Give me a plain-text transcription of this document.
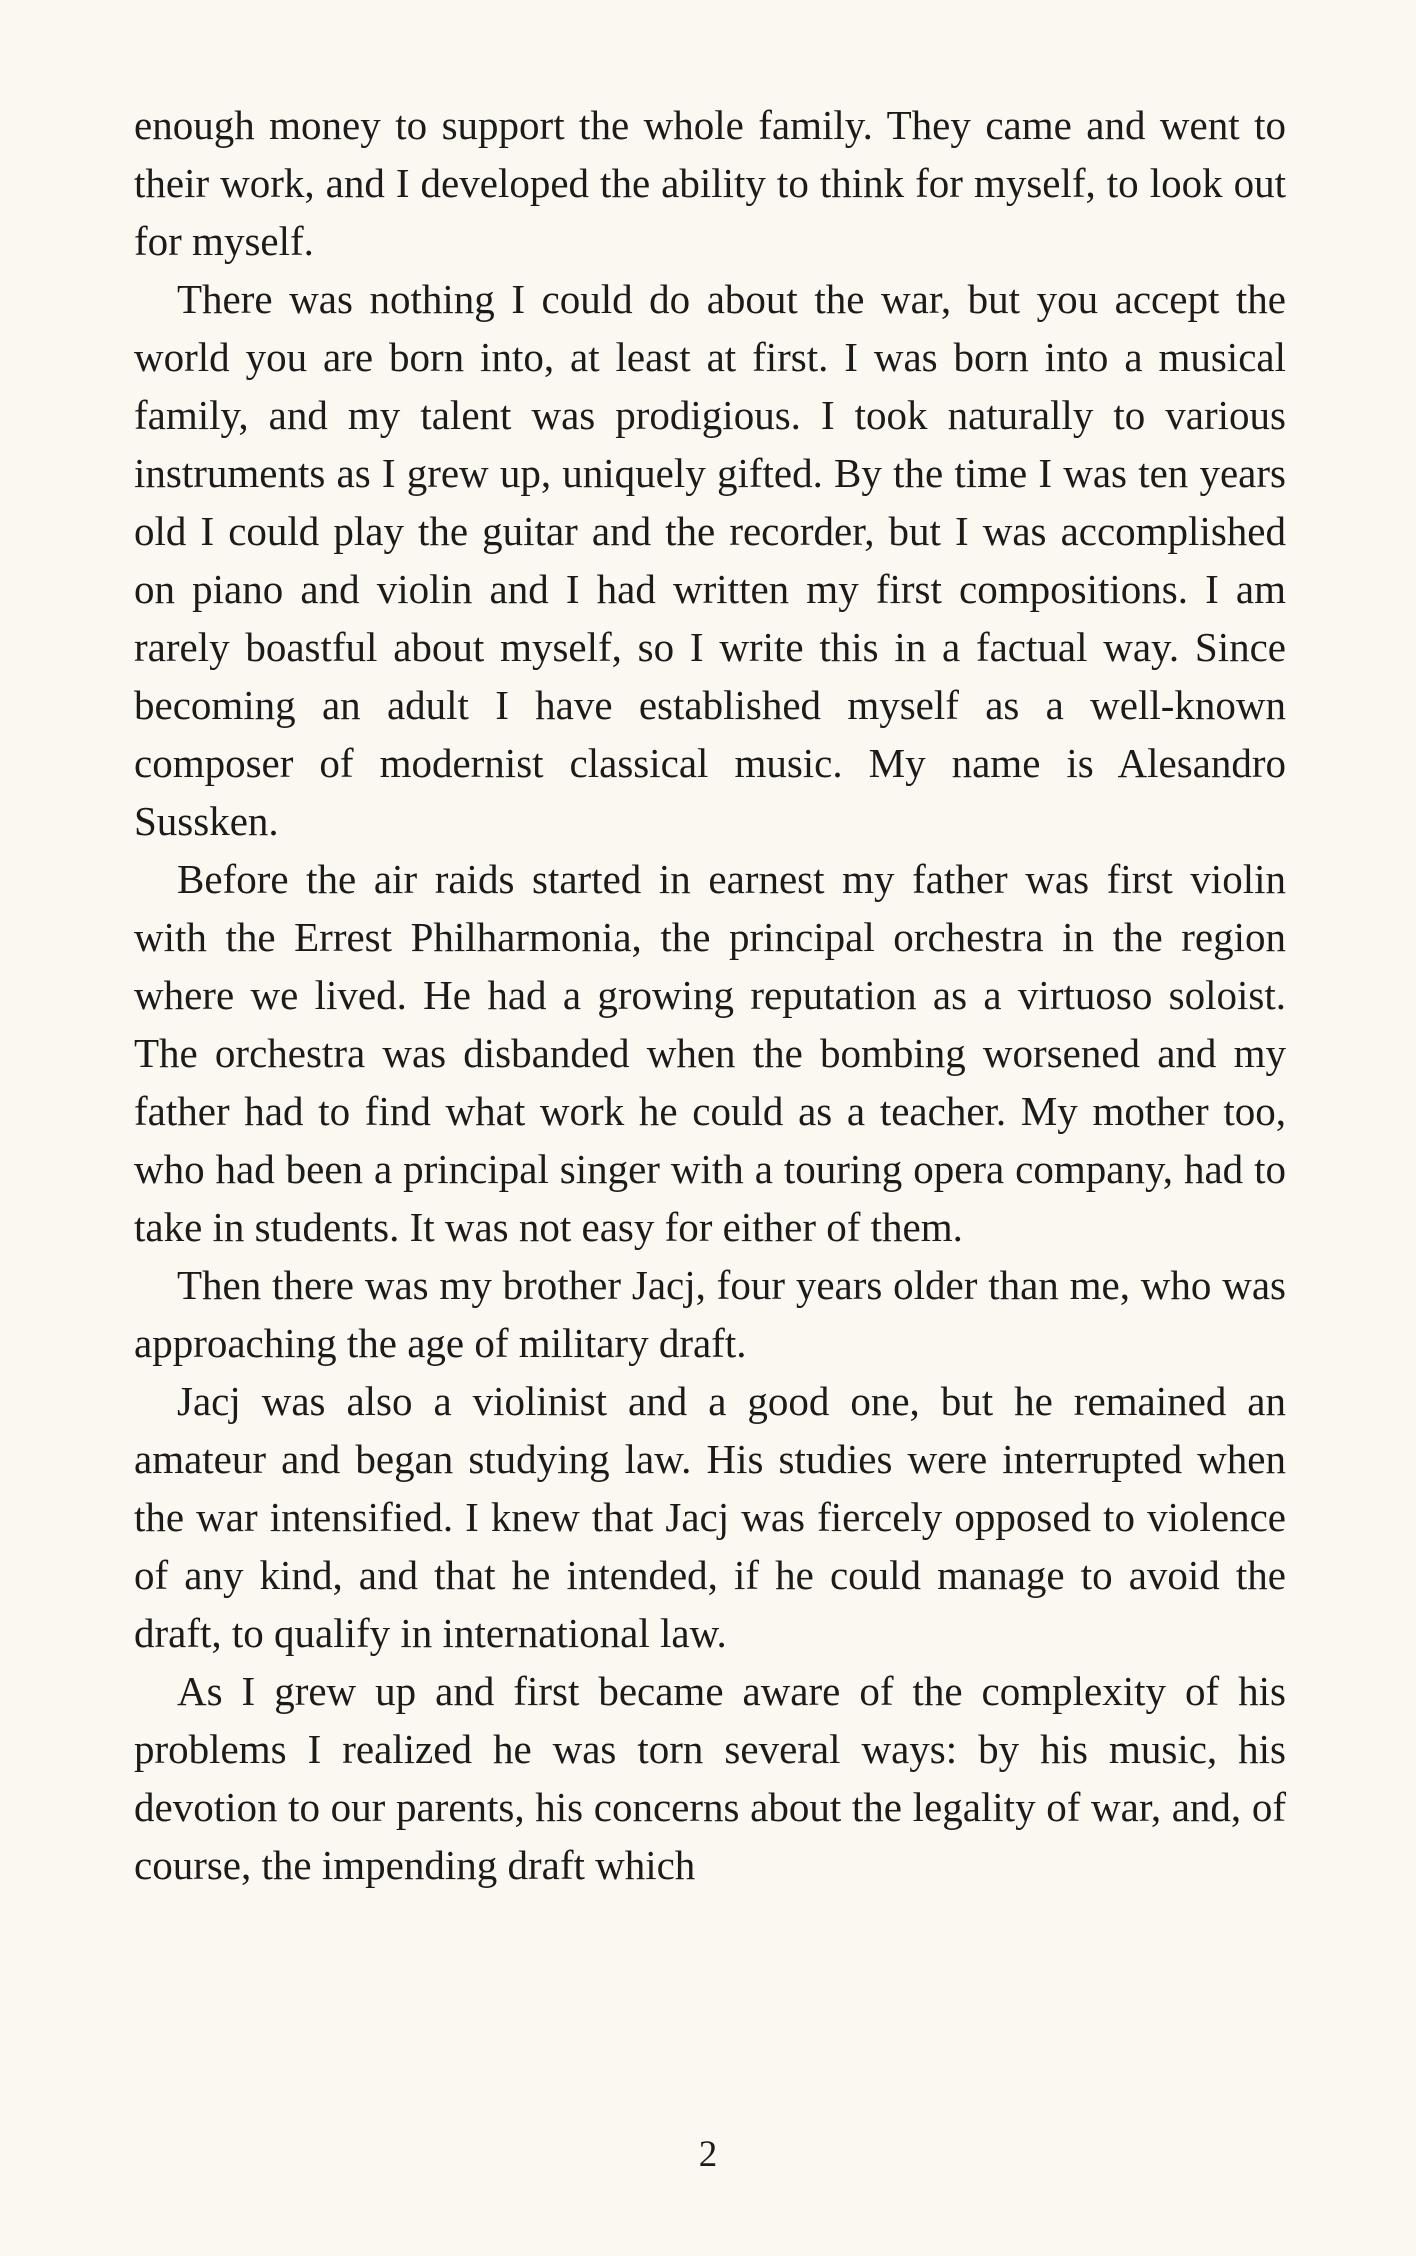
enough money to support the whole family. They came and went to their work, and I developed the ability to think for myself, to look out for myself.

There was nothing I could do about the war, but you accept the world you are born into, at least at first. I was born into a musical family, and my talent was prodigious. I took naturally to various instruments as I grew up, uniquely gifted. By the time I was ten years old I could play the guitar and the recorder, but I was accomplished on piano and violin and I had written my first compositions. I am rarely boastful about myself, so I write this in a factual way. Since becoming an adult I have established myself as a well-known composer of modernist classical music. My name is Alesandro Sussken.

Before the air raids started in earnest my father was first violin with the Errest Philharmonia, the principal orchestra in the region where we lived. He had a growing reputation as a virtuoso soloist. The orchestra was disbanded when the bombing worsened and my father had to find what work he could as a teacher. My mother too, who had been a principal singer with a touring opera company, had to take in students. It was not easy for either of them.

Then there was my brother Jacj, four years older than me, who was approaching the age of military draft.

Jacj was also a violinist and a good one, but he remained an amateur and began studying law. His studies were interrupted when the war intensified. I knew that Jacj was fiercely opposed to violence of any kind, and that he intended, if he could manage to avoid the draft, to qualify in international law.

As I grew up and first became aware of the complexity of his problems I realized he was torn several ways: by his music, his devotion to our parents, his concerns about the legality of war, and, of course, the impending draft which

2
